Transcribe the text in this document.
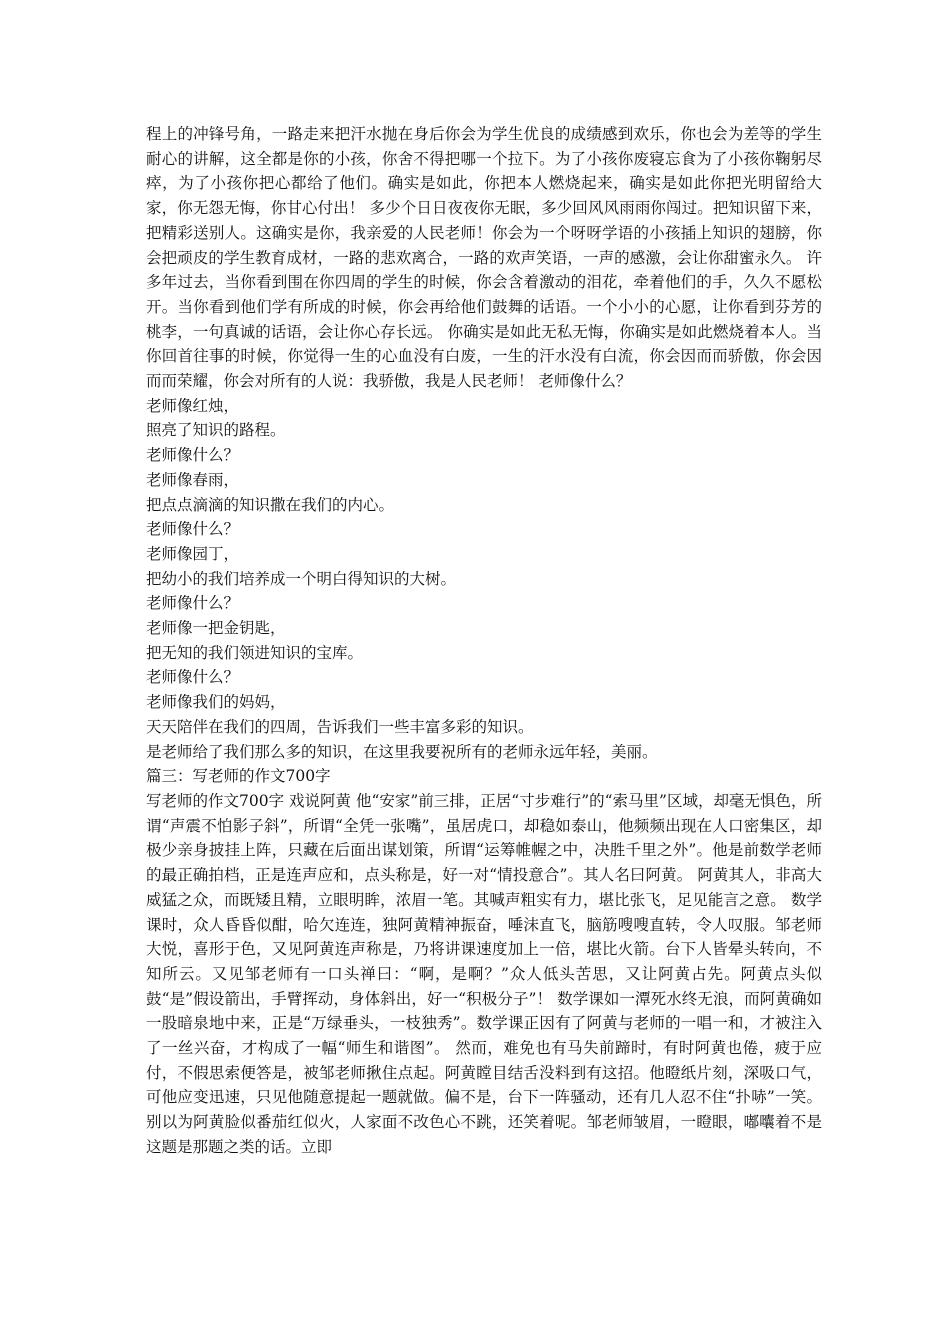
程上的冲锋号角，一路走来把汗水抛在身后你会为学生优良的成绩感到欢乐，你也会为差等的学生耐心的讲解，这全都是你的小孩，你舍不得把哪一个拉下。为了小孩你废寝忘食为了小孩你鞠躬尽瘁，为了小孩你把心都给了他们。确实是如此，你把本人燃烧起来，确实是如此你把光明留给大家，你无怨无悔，你甘心付出！ 多少个日日夜夜你无眠，多少回风风雨雨你闯过。把知识留下来，把精彩送别人。这确实是你，我亲爱的人民老师！你会为一个呀呀学语的小孩插上知识的翅膀，你会把顽皮的学生教育成材，一路的悲欢离合，一路的欢声笑语，一声的感激，会让你甜蜜永久。 许多年过去，当你看到围在你四周的学生的时候，你会含着激动的泪花，牵着他们的手，久久不愿松开。当你看到他们学有所成的时候，你会再给他们鼓舞的话语。一个小小的心愿，让你看到芬芳的桃李，一句真诚的话语，会让你心存长远。 你确实是如此无私无悔，你确实是如此燃烧着本人。当你回首往事的时候，你觉得一生的心血没有白废，一生的汗水没有白流，你会因而而骄傲，你会因而而荣耀，你会对所有的人说：我骄傲，我是人民老师！ 老师像什么？

老师像红烛，

照亮了知识的路程。

老师像什么？

老师像春雨，

把点点滴滴的知识撒在我们的内心。

老师像什么？

老师像园丁，

把幼小的我们培养成一个明白得知识的大树。

老师像什么？

老师像一把金钥匙，

把无知的我们领进知识的宝库。

老师像什么？

老师像我们的妈妈，

天天陪伴在我们的四周，告诉我们一些丰富多彩的知识。

是老师给了我们那么多的知识，在这里我要祝所有的老师永远年轻，美丽。

篇三：写老师的作文700字

写老师的作文700字 戏说阿黄 他“安家”前三排，正居“寸步难行”的“索马里”区域，却毫无惧色，所谓“声震不怕影子斜”，所谓“全凭一张嘴”，虽居虎口，却稳如泰山，他频频出现在人口密集区，却极少亲身披挂上阵，只藏在后面出谋划策，所谓“运筹帷幄之中，决胜千里之外”。他是前数学老师的最正确拍档，正是连声应和，点头称是，好一对“情投意合”。其人名曰阿黄。 阿黄其人，非高大威猛之众，而既矮且精，立眼明眸，浓眉一笔。其喊声粗实有力，堪比张飞，足见能言之意。 数学课时，众人昏昏似酣，哈欠连连，独阿黄精神振奋，唾沫直飞，脑筋嗖嗖直转，令人叹服。邹老师大悦，喜形于色，又见阿黄连声称是，乃将讲课速度加上一倍，堪比火箭。台下人皆晕头转向，不知所云。又见邹老师有一口头禅曰：“啊，是啊？”众人低头苦思，又让阿黄占先。阿黄点头似鼓“是”假设箭出，手臂挥动，身体斜出，好一“积极分子”！ 数学课如一潭死水终无浪，而阿黄确如一股暗泉地中来，正是“万绿垂头，一枝独秀”。数学课正因有了阿黄与老师的一唱一和，才被注入了一丝兴奋，才构成了一幅“师生和谐图”。 然而，难免也有马失前蹄时，有时阿黄也倦，疲于应付，不假思索便答是，被邹老师揪住点起。阿黄瞠目结舌没料到有这招。他瞪纸片刻，深吸口气，可他应变迅速，只见他随意提起一题就做。偏不是，台下一阵骚动，还有几人忍不住“扑哧”一笑。别以为阿黄脸似番茄红似火，人家面不改色心不跳，还笑着呢。邹老师皱眉，一瞪眼，嘟囔着不是这题是那题之类的话。立即
